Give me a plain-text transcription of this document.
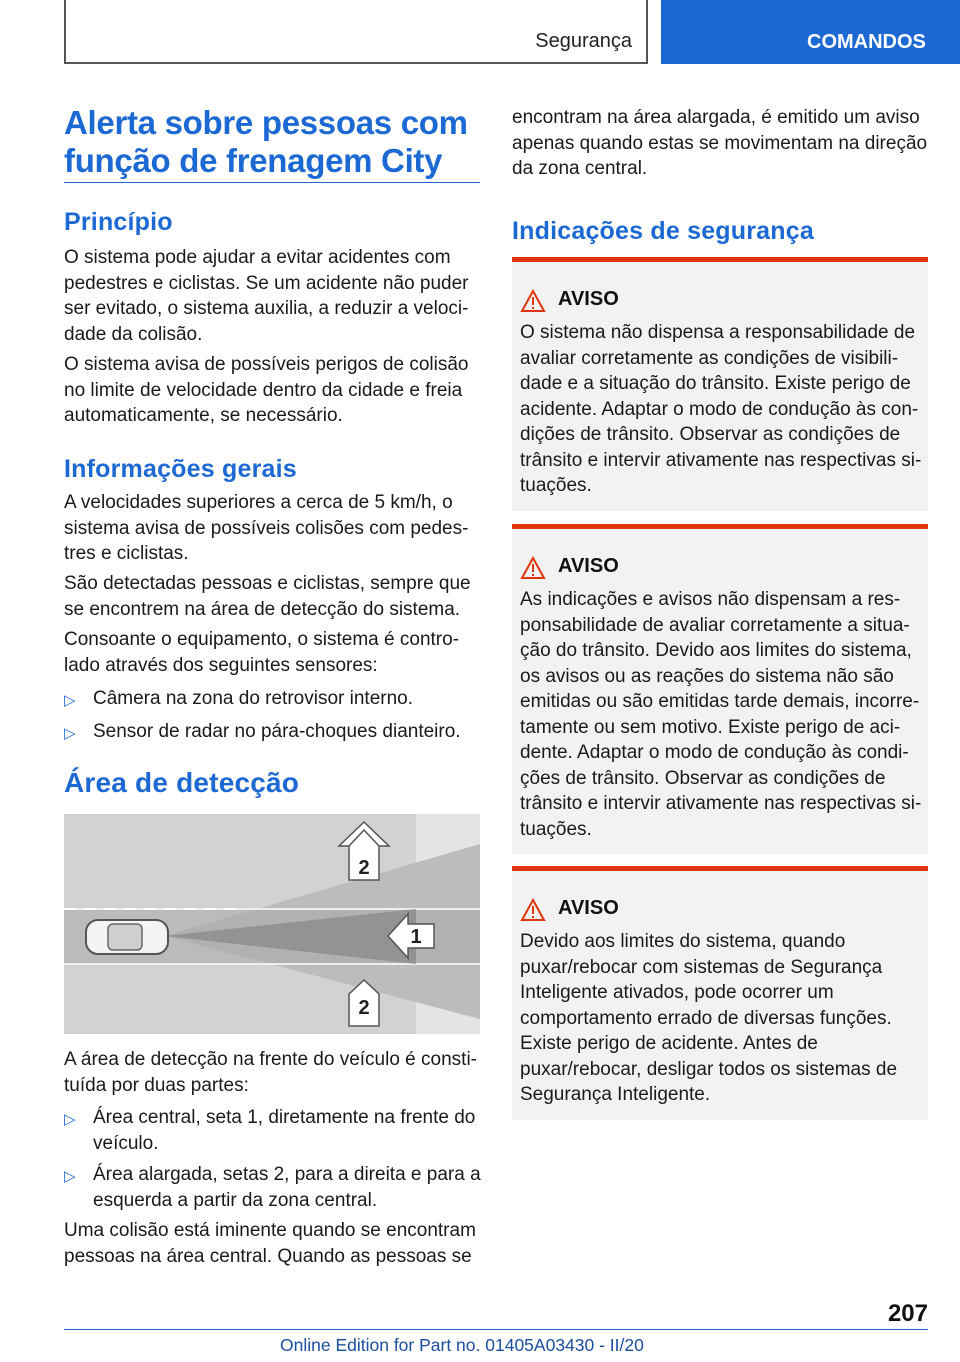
Segurança	COMANDOS
Alerta sobre pessoas com função de frenagem City
Princípio

O sistema pode ajudar a evitar acidentes com pedestres e ciclistas. Se um acidente não puder ser evitado, o sistema auxilia, a reduzir a velocidade da colisão.

O sistema avisa de possíveis perigos de colisão no limite de velocidade dentro da cidade e freia automaticamente, se necessário.

Informações gerais

A velocidades superiores a cerca de 5 km/h, o sistema avisa de possíveis colisões com pedestres e ciclistas.

São detectadas pessoas e ciclistas, sempre que se encontrem na área de detecção do sistema.

Consoante o equipamento, o sistema é controlado através dos seguintes sensores:

▷ Câmera na zona do retrovisor interno.
▷ Sensor de radar no pára-choques dianteiro.
Área de detecção
2
1
2

A área de detecção na frente do veículo é constituída por duas partes:

▷ Área central, seta 1, diretamente na frente do veículo.
▷ Área alargada, setas 2, para a direita e para a esquerda a partir da zona central.

Uma colisão está iminente quando se encontram pessoas na área central. Quando as pessoas se

encontram na área alargada, é emitido um aviso apenas quando estas se movimentam na direção da zona central.

Indicações de segurança
AVISO

O sistema não dispensa a responsabilidade de avaliar corretamente as condições de visibilidade e a situação do trânsito. Existe perigo de acidente. Adaptar o modo de condução às condições de trânsito. Observar as condições de trânsito e intervir ativamente nas respectivas situações.

AVISO

As indicações e avisos não dispensam a responsabilidade de avaliar corretamente a situação do trânsito. Devido aos limites do sistema, os avisos ou as reações do sistema não são emitidas ou são emitidas tarde demais, incorretamente ou sem motivo. Existe perigo de acidente. Adaptar o modo de condução às condições de trânsito. Observar as condições de trânsito e intervir ativamente nas respectivas situações.

AVISO

Devido aos limites do sistema, quando puxar/rebocar com sistemas de Segurança Inteligente ativados, pode ocorrer um comportamento errado de diversas funções. Existe perigo de acidente. Antes de puxar/rebocar, desligar todos os sistemas de Segurança Inteligente.

207
Online Edition for Part no. 01405A03430 - II/20
